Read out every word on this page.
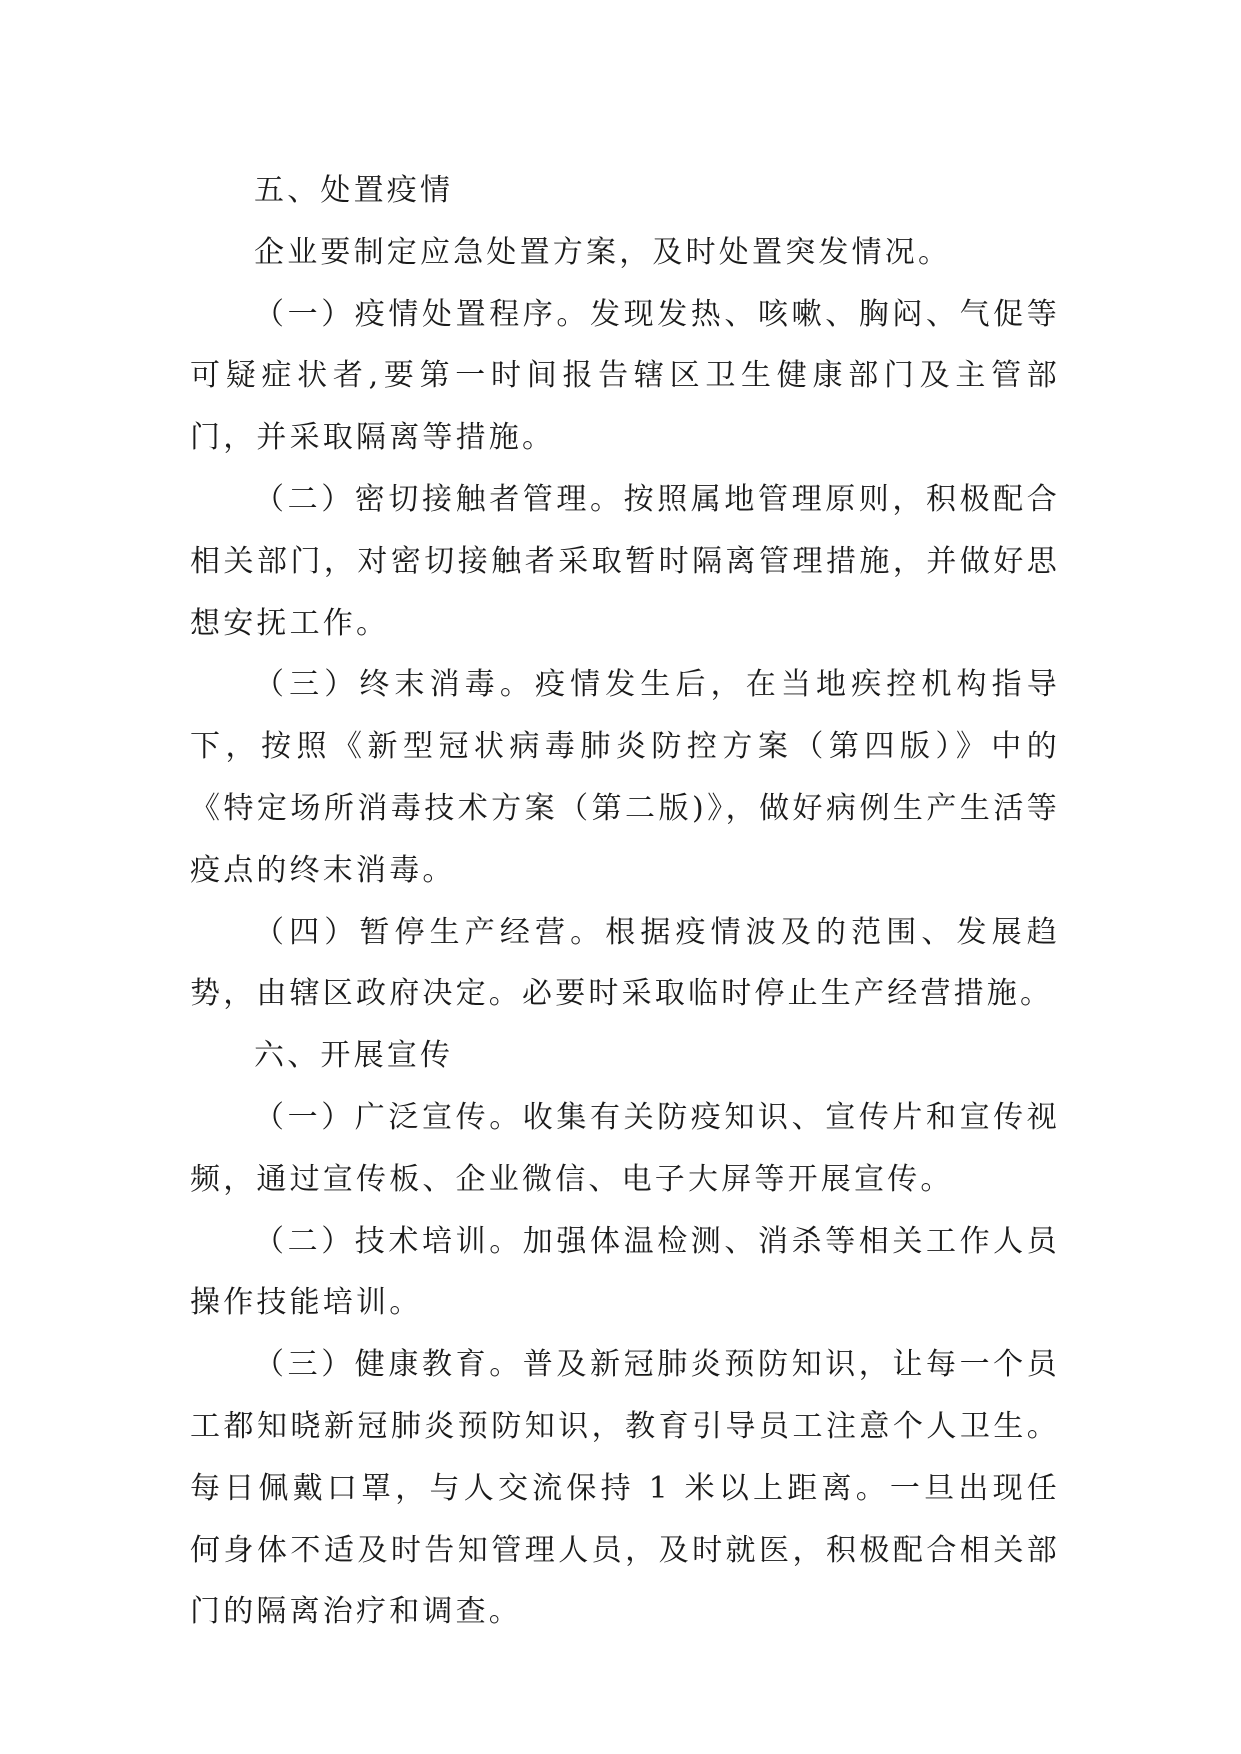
五、处置疫情

企业要制定应急处置方案，及时处置突发情况。

（一）疫情处置程序。发现发热、咳嗽、胸闷、气促等可疑症状者,要第一时间报告辖区卫生健康部门及主管部门，并采取隔离等措施。

（二）密切接触者管理。按照属地管理原则，积极配合相关部门，对密切接触者采取暂时隔离管理措施，并做好思想安抚工作。

（三）终末消毒。疫情发生后，在当地疾控机构指导下，按照《新型冠状病毒肺炎防控方案（第四版）》中的《特定场所消毒技术方案（第二版)》，做好病例生产生活等疫点的终末消毒。

（四）暂停生产经营。根据疫情波及的范围、发展趋势，由辖区政府决定。必要时采取临时停止生产经营措施。

六、开展宣传

（一）广泛宣传。收集有关防疫知识、宣传片和宣传视频，通过宣传板、企业微信、电子大屏等开展宣传。

（二）技术培训。加强体温检测、消杀等相关工作人员操作技能培训。

（三）健康教育。普及新冠肺炎预防知识，让每一个员工都知晓新冠肺炎预防知识，教育引导员工注意个人卫生。每日佩戴口罩，与人交流保持 1 米以上距离。一旦出现任何身体不适及时告知管理人员，及时就医，积极配合相关部门的隔离治疗和调查。
